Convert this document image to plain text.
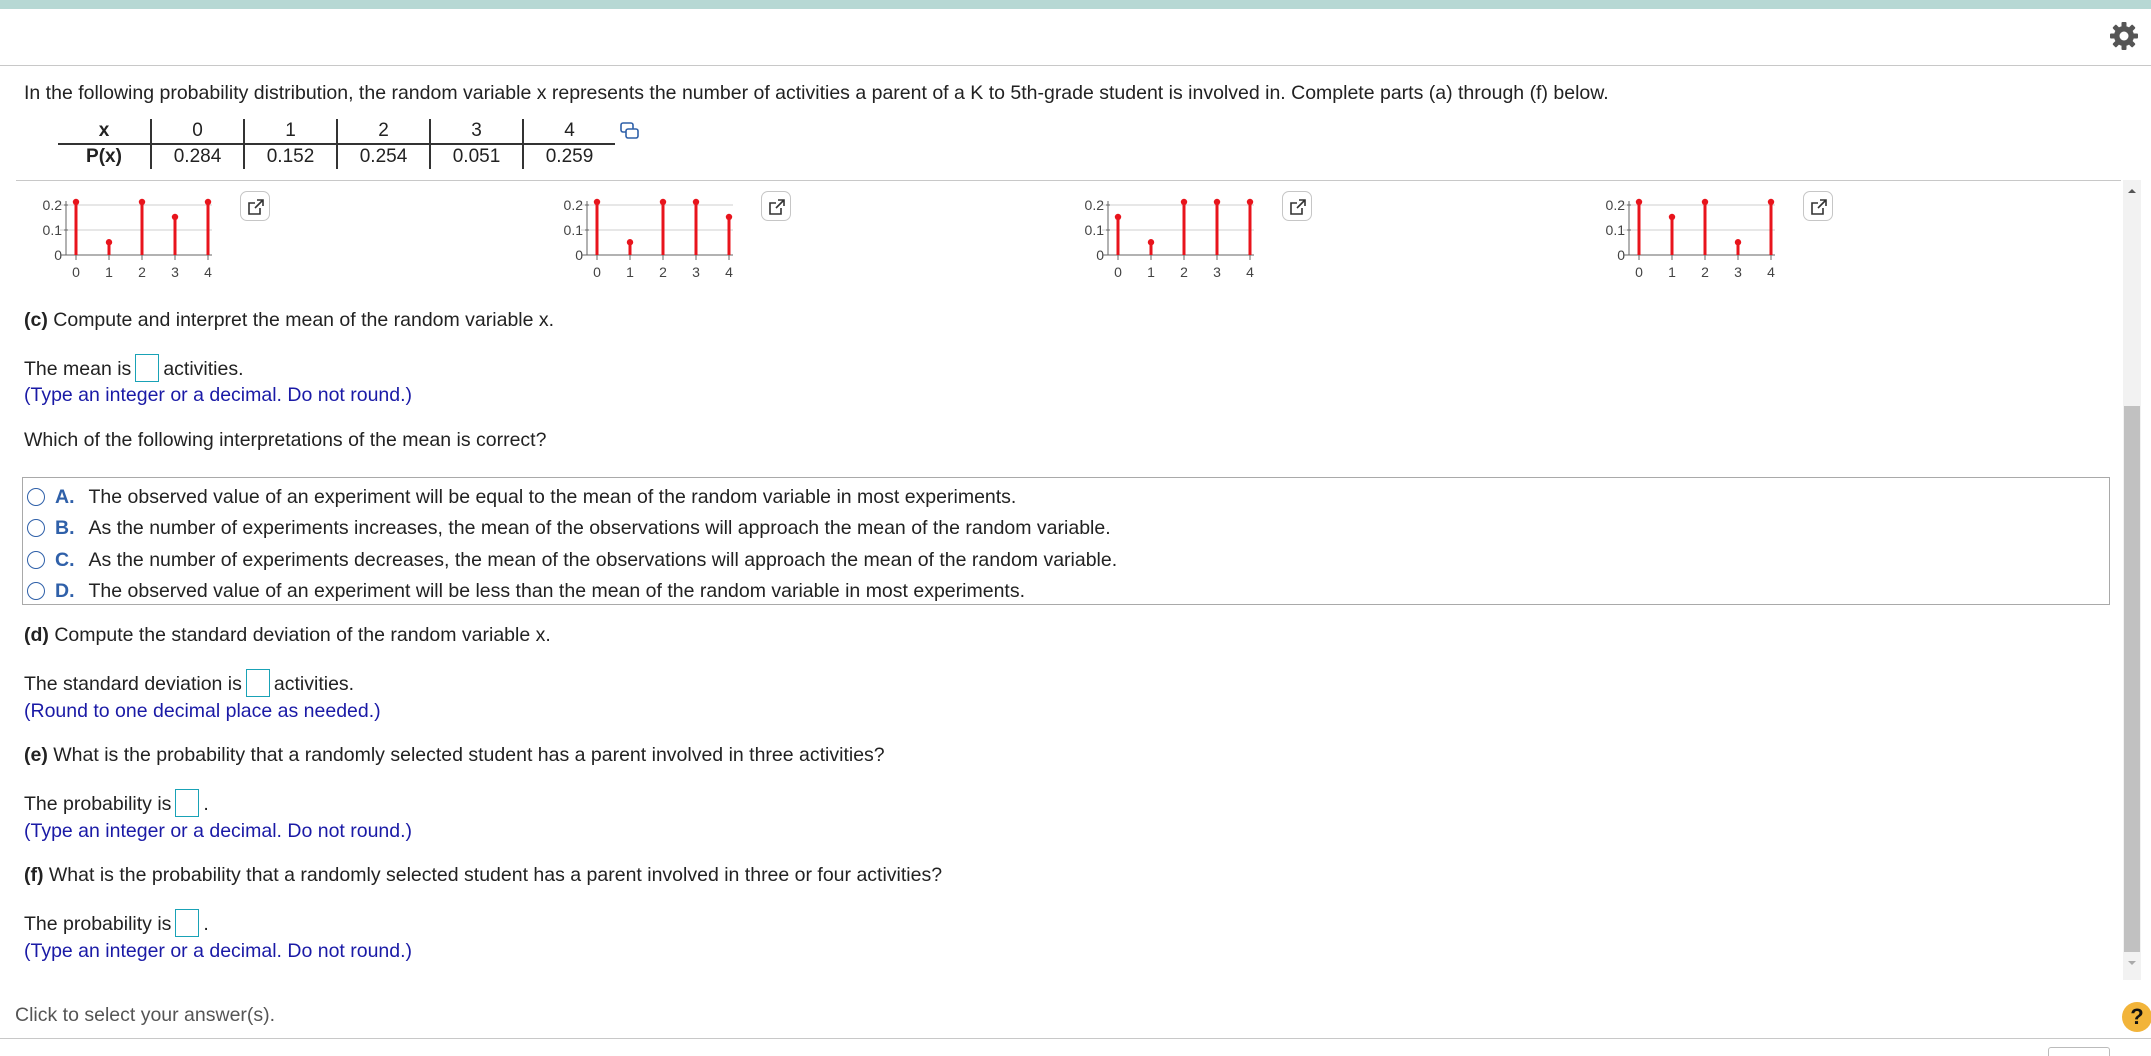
In the following probability distribution, the random variable x represents the number of activities a parent of a K to 5th-grade student is involved in. Complete parts (a) through (f) below.
x	0	1	2	3	4
P(x)	0.284	0.152	0.254	0.051	0.259
0.2
0.1
0
0 1 2 3 4
0.2
0.1
0
0 1 2 3 4
0.2
0.1
0
0 1 2 3 4
0.2
0.1
0
0 1 2 3 4
(c) Compute and interpret the mean of the random variable x.
The mean is activities.
(Type an integer or a decimal. Do not round.)
Which of the following interpretations of the mean is correct?
A. The observed value of an experiment will be equal to the mean of the random variable in most experiments.
B. As the number of experiments increases, the mean of the observations will approach the mean of the random variable.
C. As the number of experiments decreases, the mean of the observations will approach the mean of the random variable.
D. The observed value of an experiment will be less than the mean of the random variable in most experiments.
(d) Compute the standard deviation of the random variable x.
The standard deviation is activities.
(Round to one decimal place as needed.)
(e) What is the probability that a randomly selected student has a parent involved in three activities?
The probability is .
(Type an integer or a decimal. Do not round.)
(f) What is the probability that a randomly selected student has a parent involved in three or four activities?
The probability is .
(Type an integer or a decimal. Do not round.)
Click to select your answer(s).	?
